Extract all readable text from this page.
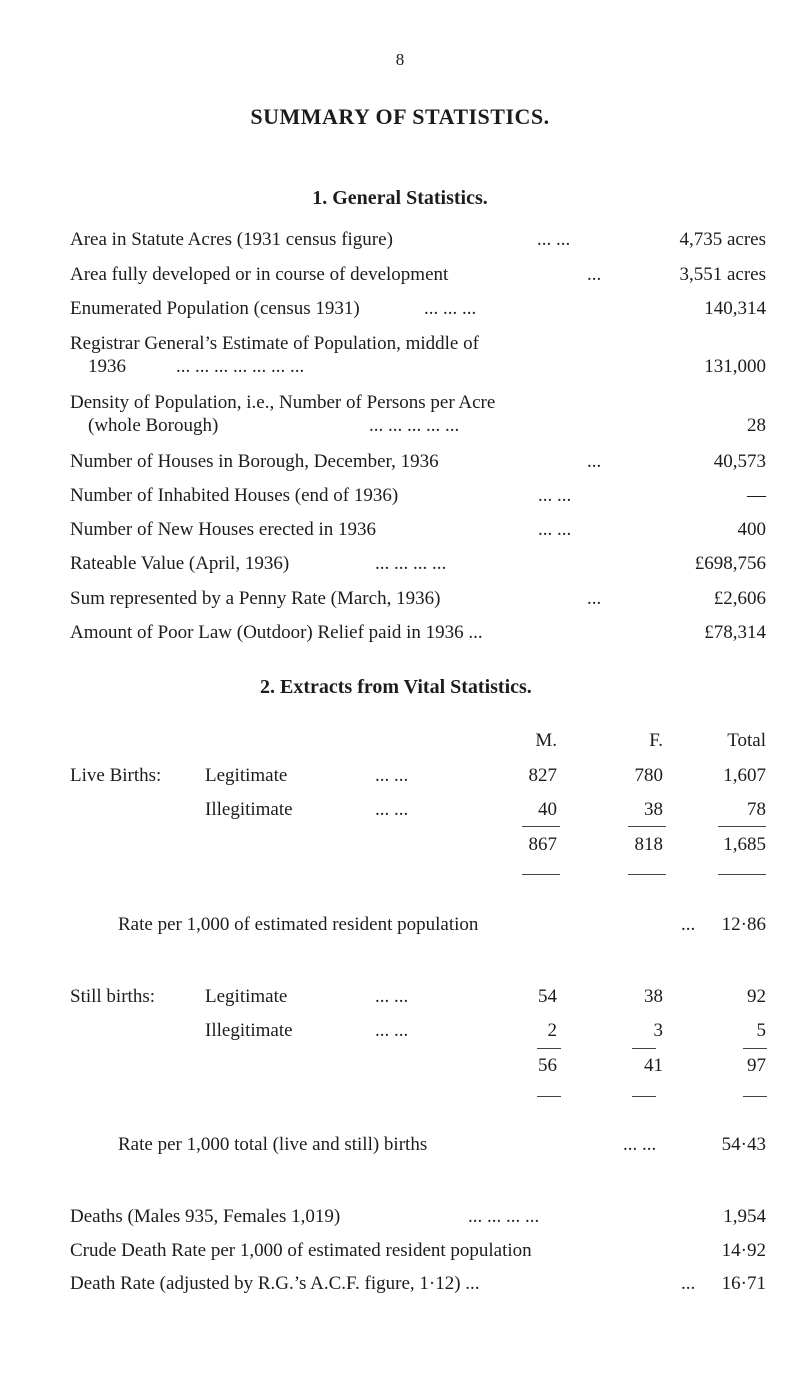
8
SUMMARY OF STATISTICS.
1. General Statistics.
Area in Statute Acres (1931 census figure)	... ...	4,735 acres
Area fully developed or in course of development	...	3,551 acres
Enumerated Population (census 1931)	... ... ...	140,314
Registrar General’s Estimate of Population, middle of
1936	... ... ... ... ... ... ...	131,000
Density of Population, i.e., Number of Persons per Acre
(whole Borough)	... ... ... ... ...	28
Number of Houses in Borough, December, 1936	...	40,573
Number of Inhabited Houses (end of 1936)	... ...	—
Number of New Houses erected in 1936	... ...	400
Rateable Value (April, 1936)	... ... ... ...	£698,756
Sum represented by a Penny Rate (March, 1936)	...	£2,606
Amount of Poor Law (Outdoor) Relief paid in 1936 ...	£78,314
2. Extracts from Vital Statistics.
M.	F.	Total
Live Births: Legitimate	... ...	827	780	1,607
Illegitimate	... ...	40	38	78
867	818	1,685
Rate per 1,000 of estimated resident population	... 12·86
Still births:	Legitimate	... ...	54	38	92
Illegitimate	... ...	2	3	5
56	41	97
Rate per 1,000 total (live and still) births	... ...	54·43
Deaths (Males 935, Females 1,019)	... ... ... ...	1,954
Crude Death Rate per 1,000 of estimated resident population	14·92
Death Rate (adjusted by R.G.’s A.C.F. figure, 1·12) ...	... 16·71
